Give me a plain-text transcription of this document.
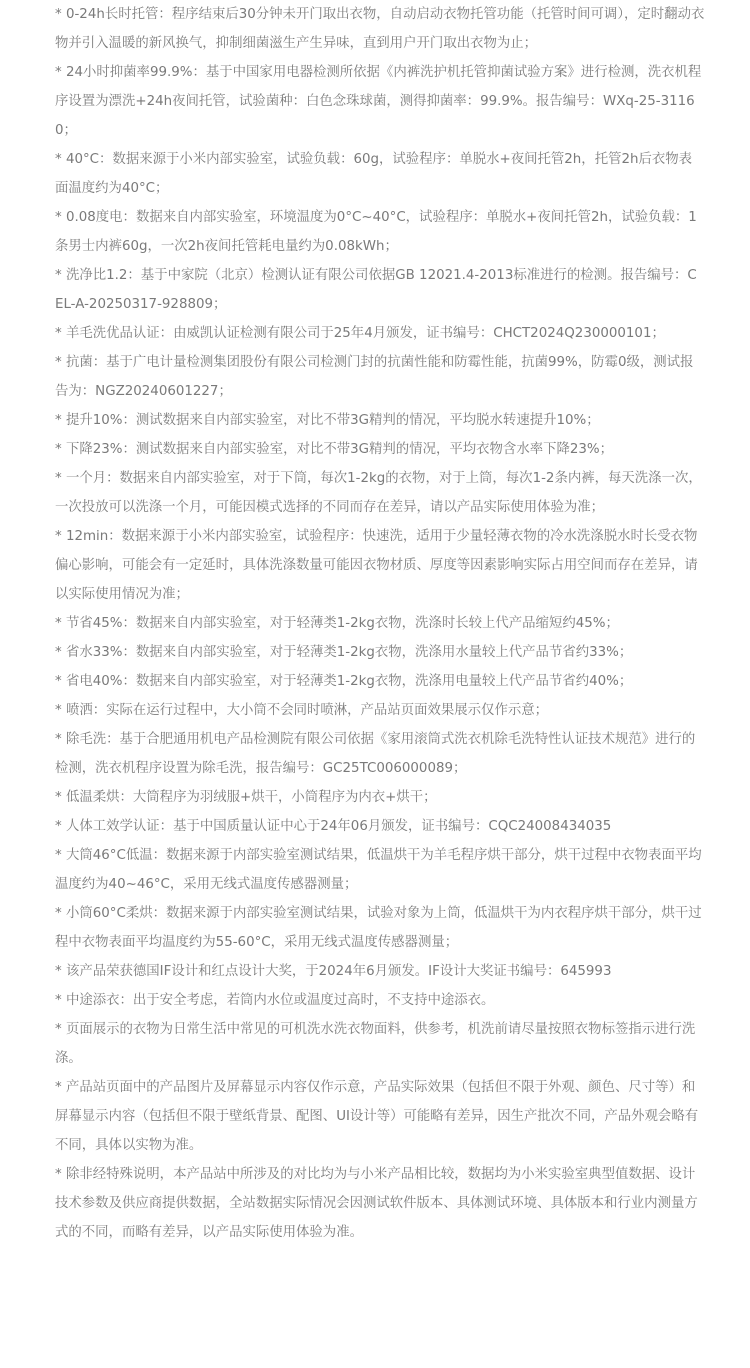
* 0-24h长时托管：程序结束后30分钟未开门取出衣物，自动启动衣物托管功能（托管时间可调），定时翻动衣物并引入温暖的新风换气，抑制细菌滋生产生异味，直到用户开门取出衣物为止；
* 24小时抑菌率99.9%：基于中国家用电器检测所依据《内裤洗护机托管抑菌试验方案》进行检测，洗衣机程序设置为漂洗+24h夜间托管，试验菌种：白色念珠球菌，测得抑菌率：99.9%。报告编号：WXq-25-31160；
* 40°C：数据来源于小米内部实验室，试验负载：60g，试验程序：单脱水+夜间托管2h，托管2h后衣物表面温度约为40°C；
* 0.08度电：数据来自内部实验室，环境温度为0°C~40°C，试验程序：单脱水+夜间托管2h，试验负载：1条男士内裤60g，一次2h夜间托管耗电量约为0.08kWh；
* 洗净比1.2：基于中家院（北京）检测认证有限公司依据GB 12021.4-2013标准进行的检测。报告编号：CEL-A-20250317-928809；
* 羊毛洗优品认证：由威凯认证检测有限公司于25年4月颁发，证书编号：CHCT2024Q230000101；
* 抗菌：基于广电计量检测集团股份有限公司检测门封的抗菌性能和防霉性能，抗菌99%，防霉0级，测试报告为：NGZ20240601227；
* 提升10%：测试数据来自内部实验室，对比不带3G精判的情况，平均脱水转速提升10%；
* 下降23%：测试数据来自内部实验室，对比不带3G精判的情况，平均衣物含水率下降23%；
* 一个月：数据来自内部实验室，对于下筒，每次1-2kg的衣物，对于上筒，每次1-2条内裤，每天洗涤一次，一次投放可以洗涤一个月，可能因模式选择的不同而存在差异，请以产品实际使用体验为准；
* 12min：数据来源于小米内部实验室，试验程序：快速洗，适用于少量轻薄衣物的冷水洗涤脱水时长受衣物偏心影响，可能会有一定延时，具体洗涤数量可能因衣物材质、厚度等因素影响实际占用空间而存在差异，请以实际使用情况为准；
* 节省45%：数据来自内部实验室，对于轻薄类1-2kg衣物，洗涤时长较上代产品缩短约45%；
* 省水33%：数据来自内部实验室，对于轻薄类1-2kg衣物，洗涤用水量较上代产品节省约33%；
* 省电40%：数据来自内部实验室，对于轻薄类1-2kg衣物，洗涤用电量较上代产品节省约40%；
* 喷洒：实际在运行过程中，大小筒不会同时喷淋，产品站页面效果展示仅作示意；
* 除毛洗：基于合肥通用机电产品检测院有限公司依据《家用滚筒式洗衣机除毛洗特性认证技术规范》进行的检测，洗衣机程序设置为除毛洗，报告编号：GC25TC006000089；
* 低温柔烘：大筒程序为羽绒服+烘干，小筒程序为内衣+烘干；
* 人体工效学认证：基于中国质量认证中心于24年06月颁发，证书编号：CQC24008434035
* 大筒46°C低温：数据来源于内部实验室测试结果，低温烘干为羊毛程序烘干部分，烘干过程中衣物表面平均温度约为40~46°C，采用无线式温度传感器测量；
* 小筒60°C柔烘：数据来源于内部实验室测试结果，试验对象为上筒，低温烘干为内衣程序烘干部分，烘干过程中衣物表面平均温度约为55-60°C，采用无线式温度传感器测量；
* 该产品荣获德国IF设计和红点设计大奖，于2024年6月颁发。IF设计大奖证书编号：645993
* 中途添衣：出于安全考虑，若筒内水位或温度过高时，不支持中途添衣。
* 页面展示的衣物为日常生活中常见的可机洗水洗衣物面料，供参考，机洗前请尽量按照衣物标签指示进行洗涤。
* 产品站页面中的产品图片及屏幕显示内容仅作示意，产品实际效果（包括但不限于外观、颜色、尺寸等）和屏幕显示内容（包括但不限于壁纸背景、配图、UI设计等）可能略有差异，因生产批次不同，产品外观会略有不同，具体以实物为准。
* 除非经特殊说明，本产品站中所涉及的对比均为与小米产品相比较，数据均为小米实验室典型值数据、设计技术参数及供应商提供数据，全站数据实际情况会因测试软件版本、具体测试环境、具体版本和行业内测量方式的不同，而略有差异，以产品实际使用体验为准。
